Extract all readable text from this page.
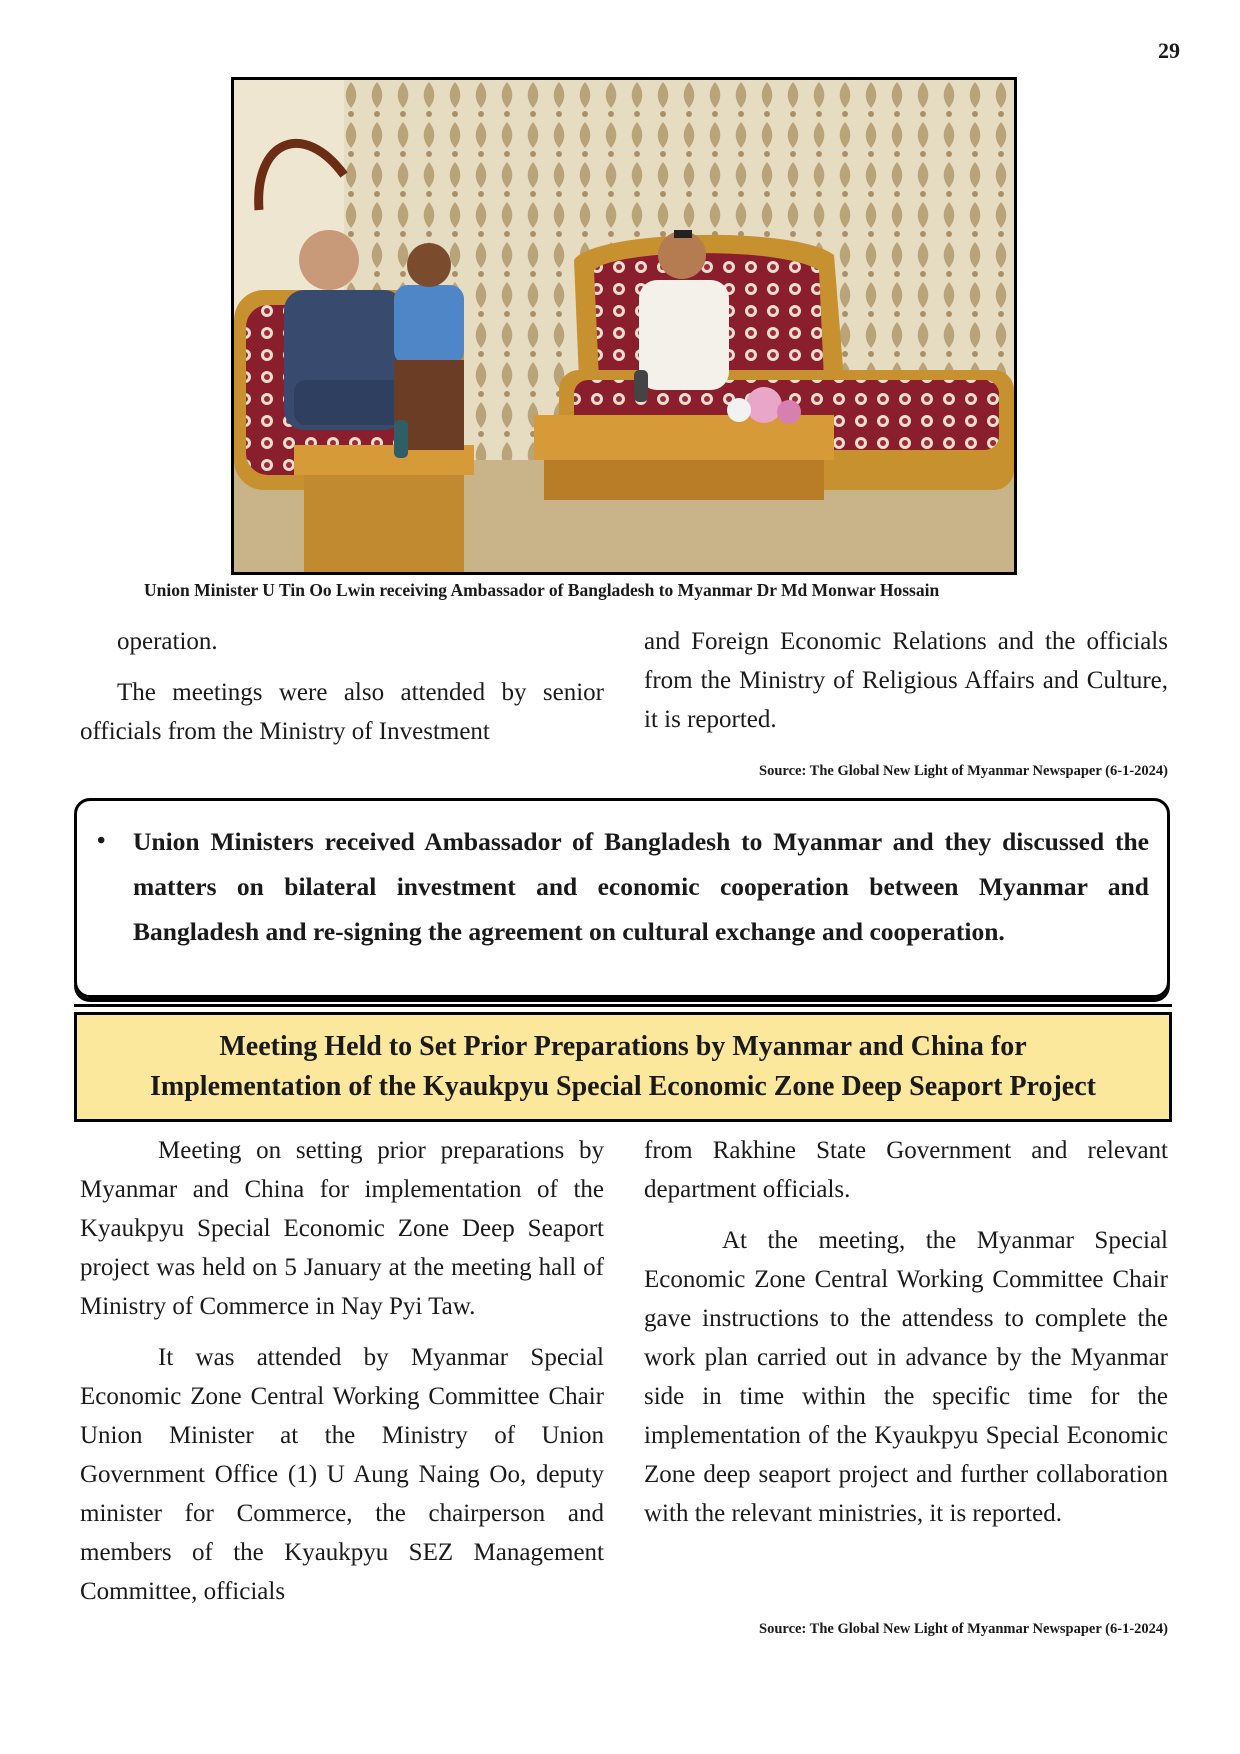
29
Union Minister U Tin Oo Lwin receiving Ambassador of Bangladesh to Myanmar Dr Md Monwar Hossain

operation.

The meetings were also attended by senior officials from the Ministry of Investment

and Foreign Economic Relations and the officials from the Ministry of Religious Affairs and Culture, it is reported.

Source: The Global New Light of Myanmar Newspaper (6-1-2024)
• Union Ministers received Ambassador of Bangladesh to Myanmar and they discussed the matters on bilateral investment and economic cooperation between Myanmar and Bangladesh and re-signing the agreement on cultural exchange and cooperation.
Meeting Held to Set Prior Preparations by Myanmar and China for
Implementation of the Kyaukpyu Special Economic Zone Deep Seaport Project

Meeting on setting prior preparations by Myanmar and China for implementation of the Kyaukpyu Special Economic Zone Deep Seaport project was held on 5 January at the meeting hall of Ministry of Commerce in Nay Pyi Taw.

It was attended by Myanmar Special Economic Zone Central Working Committee Chair Union Minister at the Ministry of Union Government Office (1) U Aung Naing Oo, deputy minister for Commerce, the chairperson and members of the Kyaukpyu SEZ Management Committee, officials

from Rakhine State Government and relevant department officials.

At the meeting, the Myanmar Special Economic Zone Central Working Committee Chair gave instructions to the attendess to complete the work plan carried out in advance by the Myanmar side in time within the specific time for the implementation of the Kyaukpyu Special Economic Zone deep seaport project and further collaboration with the relevant ministries, it is reported.

Source: The Global New Light of Myanmar Newspaper (6-1-2024)
